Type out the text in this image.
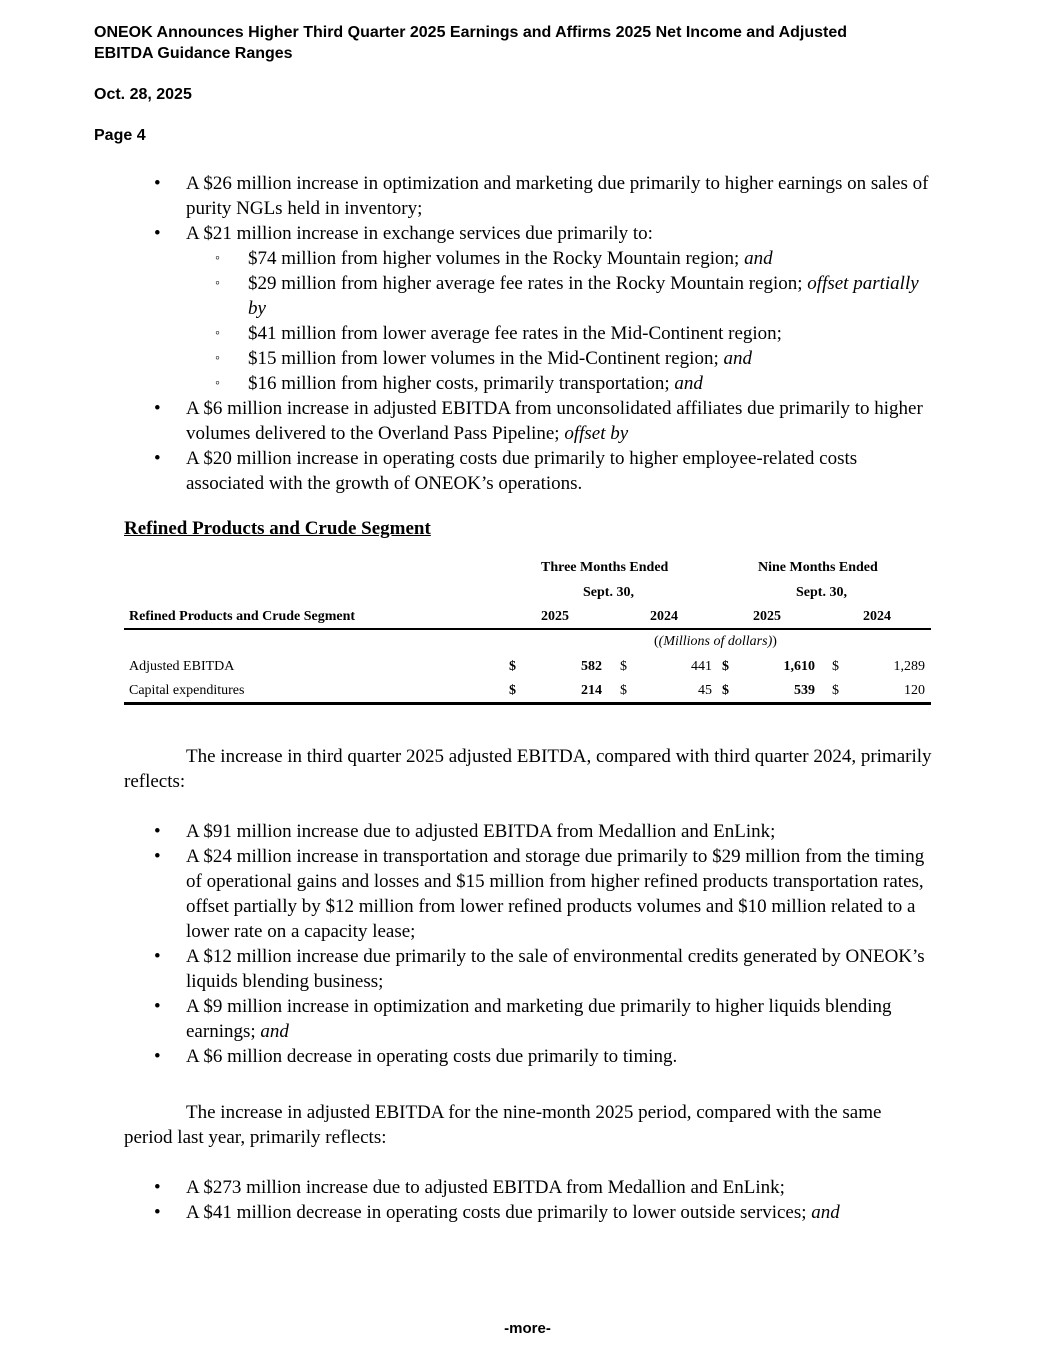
ONEOK Announces Higher Third Quarter 2025 Earnings and Affirms 2025 Net Income and Adjusted
EBITDA Guidance Ranges
Oct. 28, 2025
Page 4
• A $26 million increase in optimization and marketing due primarily to higher earnings on sales of purity NGLs held in inventory;
• A $21 million increase in exchange services due primarily to:
◦ $74 million from higher volumes in the Rocky Mountain region; and
◦ $29 million from higher average fee rates in the Rocky Mountain region; offset partially by
◦ $41 million from lower average fee rates in the Mid-Continent region;
◦ $15 million from lower volumes in the Mid-Continent region; and
◦ $16 million from higher costs, primarily transportation; and
• A $6 million increase in adjusted EBITDA from unconsolidated affiliates due primarily to higher volumes delivered to the Overland Pass Pipeline; offset by
• A $20 million increase in operating costs due primarily to higher employee-related costs associated with the growth of ONEOK’s operations.
Refined Products and Crude Segment
Three Months Ended	Nine Months Ended
Sept. 30,	Sept. 30,
Refined Products and Crude Segment	2025	2024	2025	2024
((Millions of dollars))
Adjusted EBITDA	$	582 $	441 $	1,610 $	1,289
Capital expenditures	$	214 $	45 $	539 $	120

The increase in third quarter 2025 adjusted EBITDA, compared with third quarter 2024, primarily reflects:

• A $91 million increase due to adjusted EBITDA from Medallion and EnLink;
• A $24 million increase in transportation and storage due primarily to $29 million from the timing of operational gains and losses and $15 million from higher refined products transportation rates, offset partially by $12 million from lower refined products volumes and $10 million related to a lower rate on a capacity lease;
• A $12 million increase due primarily to the sale of environmental credits generated by ONEOK’s liquids blending business;
• A $9 million increase in optimization and marketing due primarily to higher liquids blending earnings; and
• A $6 million decrease in operating costs due primarily to timing.

The increase in adjusted EBITDA for the nine-month 2025 period, compared with the same period last year, primarily reflects:

• A $273 million increase due to adjusted EBITDA from Medallion and EnLink;
• A $41 million decrease in operating costs due primarily to lower outside services; and
-more-
